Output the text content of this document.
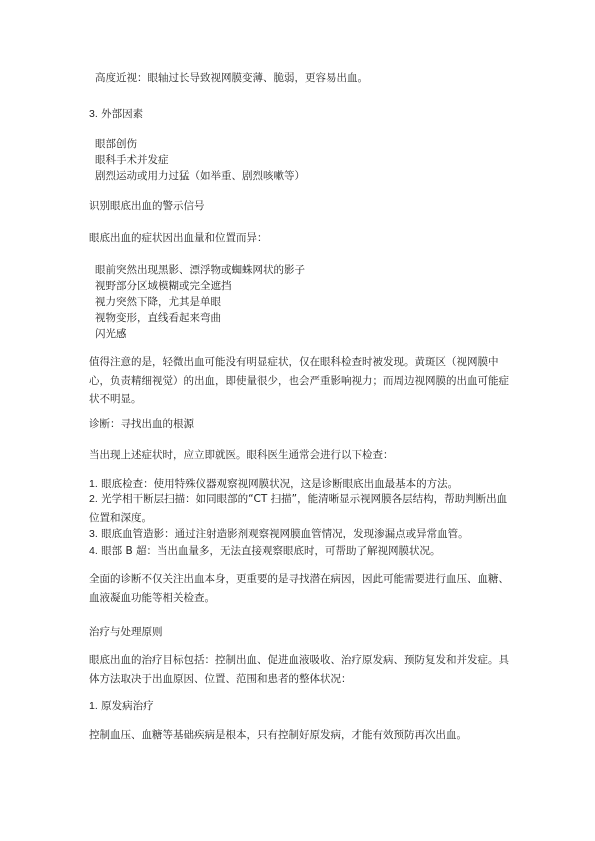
高度近视：眼轴过长导致视网膜变薄、脆弱，更容易出血。
3. 外部因素
眼部创伤
眼科手术并发症
剧烈运动或用力过猛（如举重、剧烈咳嗽等）
识别眼底出血的警示信号
眼底出血的症状因出血量和位置而异：
眼前突然出现黑影、漂浮物或蜘蛛网状的影子
视野部分区域模糊或完全遮挡
视力突然下降，尤其是单眼
视物变形，直线看起来弯曲
闪光感
值得注意的是，轻微出血可能没有明显症状，仅在眼科检查时被发现。黄斑区（视网膜中心，负责精细视觉）的出血，即使量很少，也会严重影响视力；而周边视网膜的出血可能症状不明显。
诊断：寻找出血的根源
当出现上述症状时，应立即就医。眼科医生通常会进行以下检查：
1. 眼底检查：使用特殊仪器观察视网膜状况，这是诊断眼底出血最基本的方法。
2. 光学相干断层扫描：如同眼部的“CT 扫描”，能清晰显示视网膜各层结构，帮助判断出血位置和深度。
3. 眼底血管造影：通过注射造影剂观察视网膜血管情况，发现渗漏点或异常血管。
4. 眼部 B 超：当出血量多，无法直接观察眼底时，可帮助了解视网膜状况。
全面的诊断不仅关注出血本身，更重要的是寻找潜在病因，因此可能需要进行血压、血糖、血液凝血功能等相关检查。
治疗与处理原则
眼底出血的治疗目标包括：控制出血、促进血液吸收、治疗原发病、预防复发和并发症。具体方法取决于出血原因、位置、范围和患者的整体状况：
1. 原发病治疗
控制血压、血糖等基础疾病是根本，只有控制好原发病，才能有效预防再次出血。
